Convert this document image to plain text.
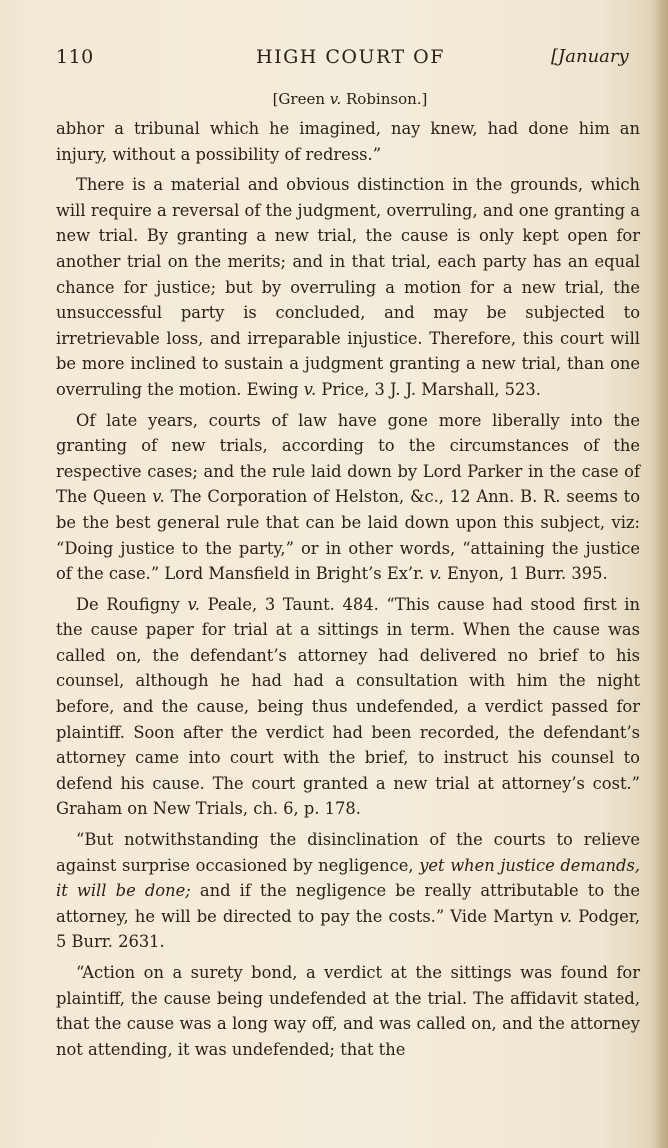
110	HIGH COURT OF	[January
[Green v. Robinson.]

abhor a tribunal which he imagined, nay knew, had done him an injury, without a possibility of redress.”

There is a material and obvious distinction in the grounds, which will require a reversal of the judgment, overruling, and one granting a new trial. By granting a new trial, the cause is only kept open for another trial on the merits; and in that trial, each party has an equal chance for justice; but by overruling a motion for a new trial, the unsuccessful party is concluded, and may be subjected to irretrievable loss, and irreparable injustice. Therefore, this court will be more inclined to sustain a judgment granting a new trial, than one overruling the motion. Ewing v. Price, 3 J. J. Marshall, 523.

Of late years, courts of law have gone more liberally into the granting of new trials, according to the circumstances of the respective cases; and the rule laid down by Lord Parker in the case of The Queen v. The Corporation of Helston, &c., 12 Ann. B. R. seems to be the best general rule that can be laid down upon this subject, viz: “Doing justice to the party,” or in other words, “attaining the justice of the case.” Lord Mansfield in Bright’s Ex’r. v. Enyon, 1 Burr. 395.

De Roufigny v. Peale, 3 Taunt. 484. “This cause had stood first in the cause paper for trial at a sittings in term. When the cause was called on, the defendant’s attorney had delivered no brief to his counsel, although he had had a consultation with him the night before, and the cause, being thus undefended, a verdict passed for plaintiff. Soon after the verdict had been recorded, the defendant’s attorney came into court with the brief, to instruct his counsel to defend his cause. The court granted a new trial at attorney’s cost.” Graham on New Trials, ch. 6, p. 178.

“But notwithstanding the disinclination of the courts to relieve against surprise occasioned by negligence, yet when justice demands, it will be done; and if the negligence be really attributable to the attorney, he will be directed to pay the costs.” Vide Martyn v. Podger, 5 Burr. 2631.

“Action on a surety bond, a verdict at the sittings was found for plaintiff, the cause being undefended at the trial. The affidavit stated, that the cause was a long way off, and was called on, and the attorney not attending, it was undefended; that the
